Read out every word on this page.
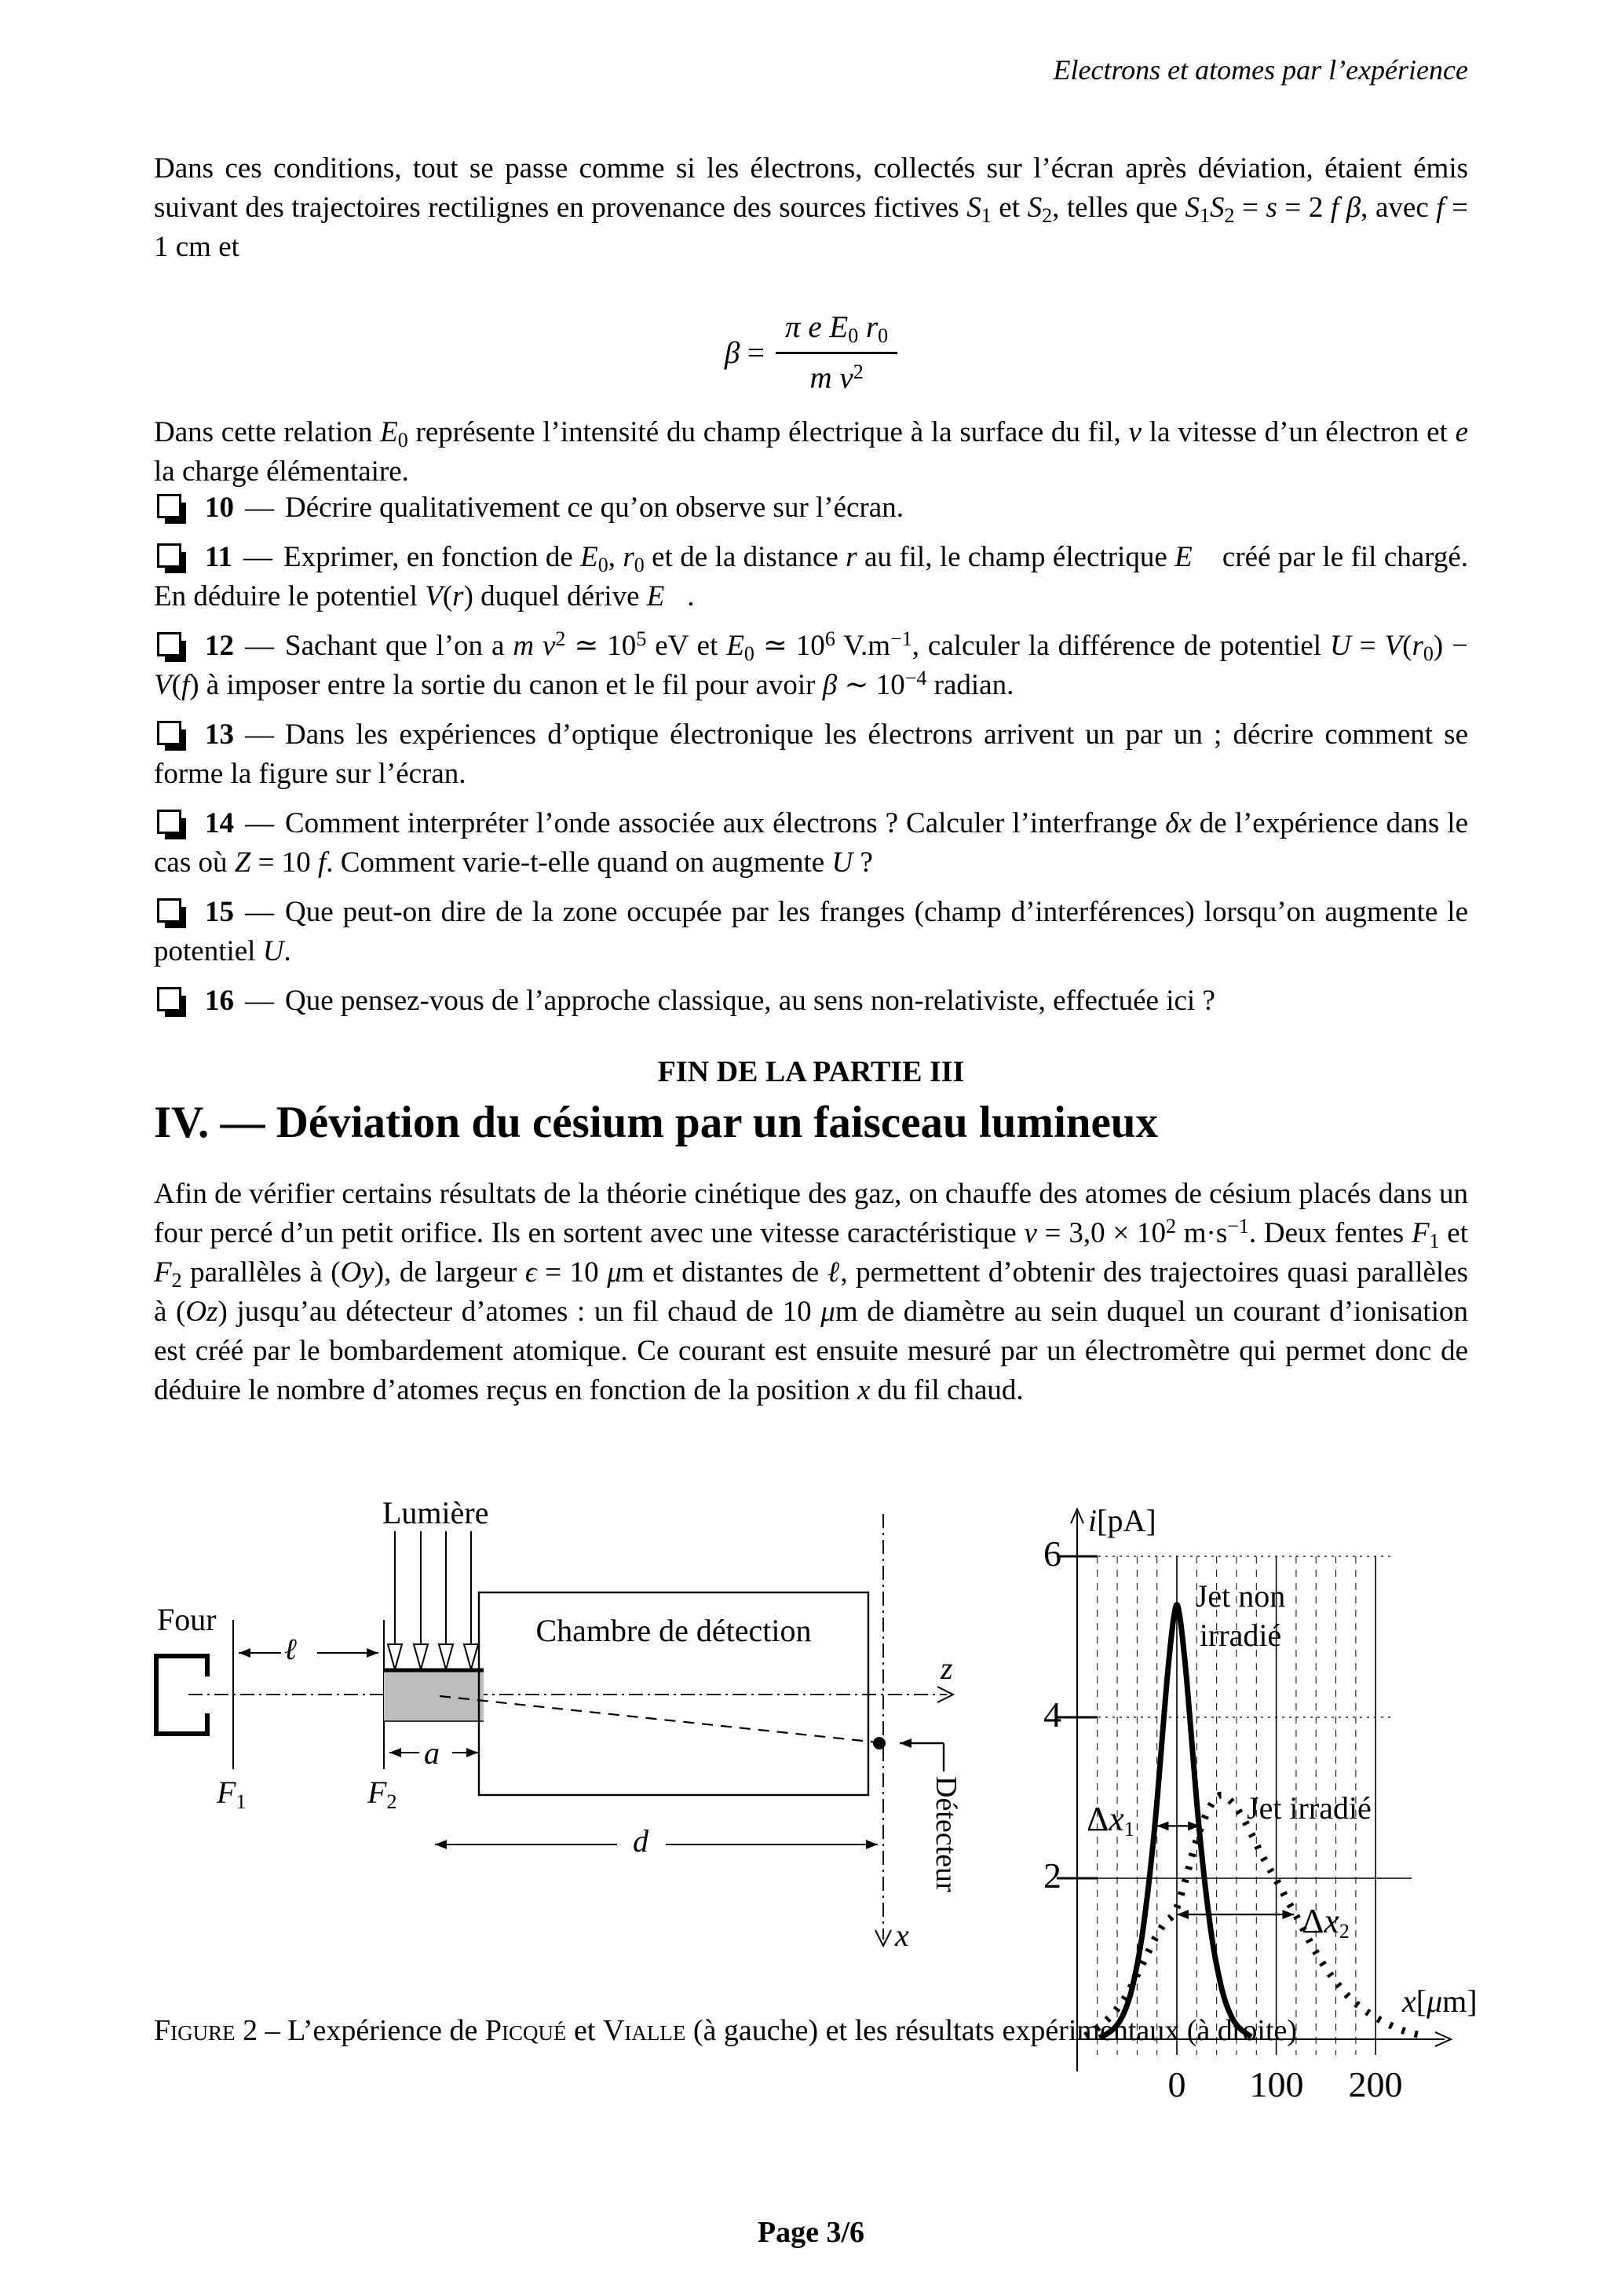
Electrons et atomes par l’expérience
Dans ces conditions, tout se passe comme si les électrons, collectés sur l’écran après déviation, étaient émis suivant des trajectoires rectilignes en provenance des sources fictives $S_1$ et $S_2$, telles que $S_1S_2 = s = 2$ f β, avec f = 1 cm et
$\beta = \frac{\pi e E_0 r_0}{m v^2}$
Dans cette relation $E_0$ représente l’intensité du champ électrique à la surface du fil, v la vitesse d’un électron et e la charge élémentaire.
10 — Décrire qualitativement ce qu’on observe sur l’écran.
11 — Exprimer, en fonction de $E_0$, $r_0$ et de la distance r au fil, le champ électrique E⃗ créé par le fil chargé. En déduire le potentiel V(r) duquel dérive E⃗.
12 — Sachant que l’on a m $v^2$ ≃ $10^5$ eV et $E_0$ ≃ $10^6$ $V.m^{-1}$, calculer la différence de potentiel $U = V(r_0) - V(f)$ à imposer entre la sortie du canon et le fil pour avoir β ∼ $10^{-4}$ radian.
13 — Dans les expériences d’optique électronique les électrons arrivent un par un ; décrire comment se forme la figure sur l’écran.
14 — Comment interpréter l’onde associée aux électrons ? Calculer l’interfrange δx de l’expérience dans le cas où Z = 10 f. Comment varie-t-elle quand on augmente U ?
15 — Que peut-on dire de la zone occupée par les franges (champ d’interférences) lorsqu’on augmente le potentiel U.
16 — Que pensez-vous de l’approche classique, au sens non-relativiste, effectuée ici ?
FIN DE LA PARTIE III
IV. — Déviation du césium par un faisceau lumineux
Afin de vérifier certains résultats de la théorie cinétique des gaz, on chauffe des atomes de césium placés dans un four percé d’un petit orifice. Ils en sortent avec une vitesse caractéristique $v = 3,0 \times 10^2$ $m\cdot s^{-1}$. Deux fentes $F_1$ et $F_2$ parallèles à (Oy), de largeur ϵ = 10 μm et distantes de ℓ, permettent d’obtenir des trajectoires quasi parallèles à (Oz) jusqu’au détecteur d’atomes : un fil chaud de 10 μm de diamètre au sein duquel un courant d’ionisation est créé par le bombardement atomique. Ce courant est ensuite mesuré par un électromètre qui permet donc de déduire le nombre d’atomes reçus en fonction de la position x du fil chaud.
Lumière
Four
ℓ
Chambre de détection
a
$F_1$	$F_2$
d
z
x
Détecteur
i[pA]
x[μm]
6
4
2
0	100 200
Jet non
irradié
Jet irradié
$\Delta x_1$
$\Delta x_2$
Figure 2 – L’expérience de Picqué et Vialle (à gauche) et les résultats expérimentaux (à droite)
Page 3/6
